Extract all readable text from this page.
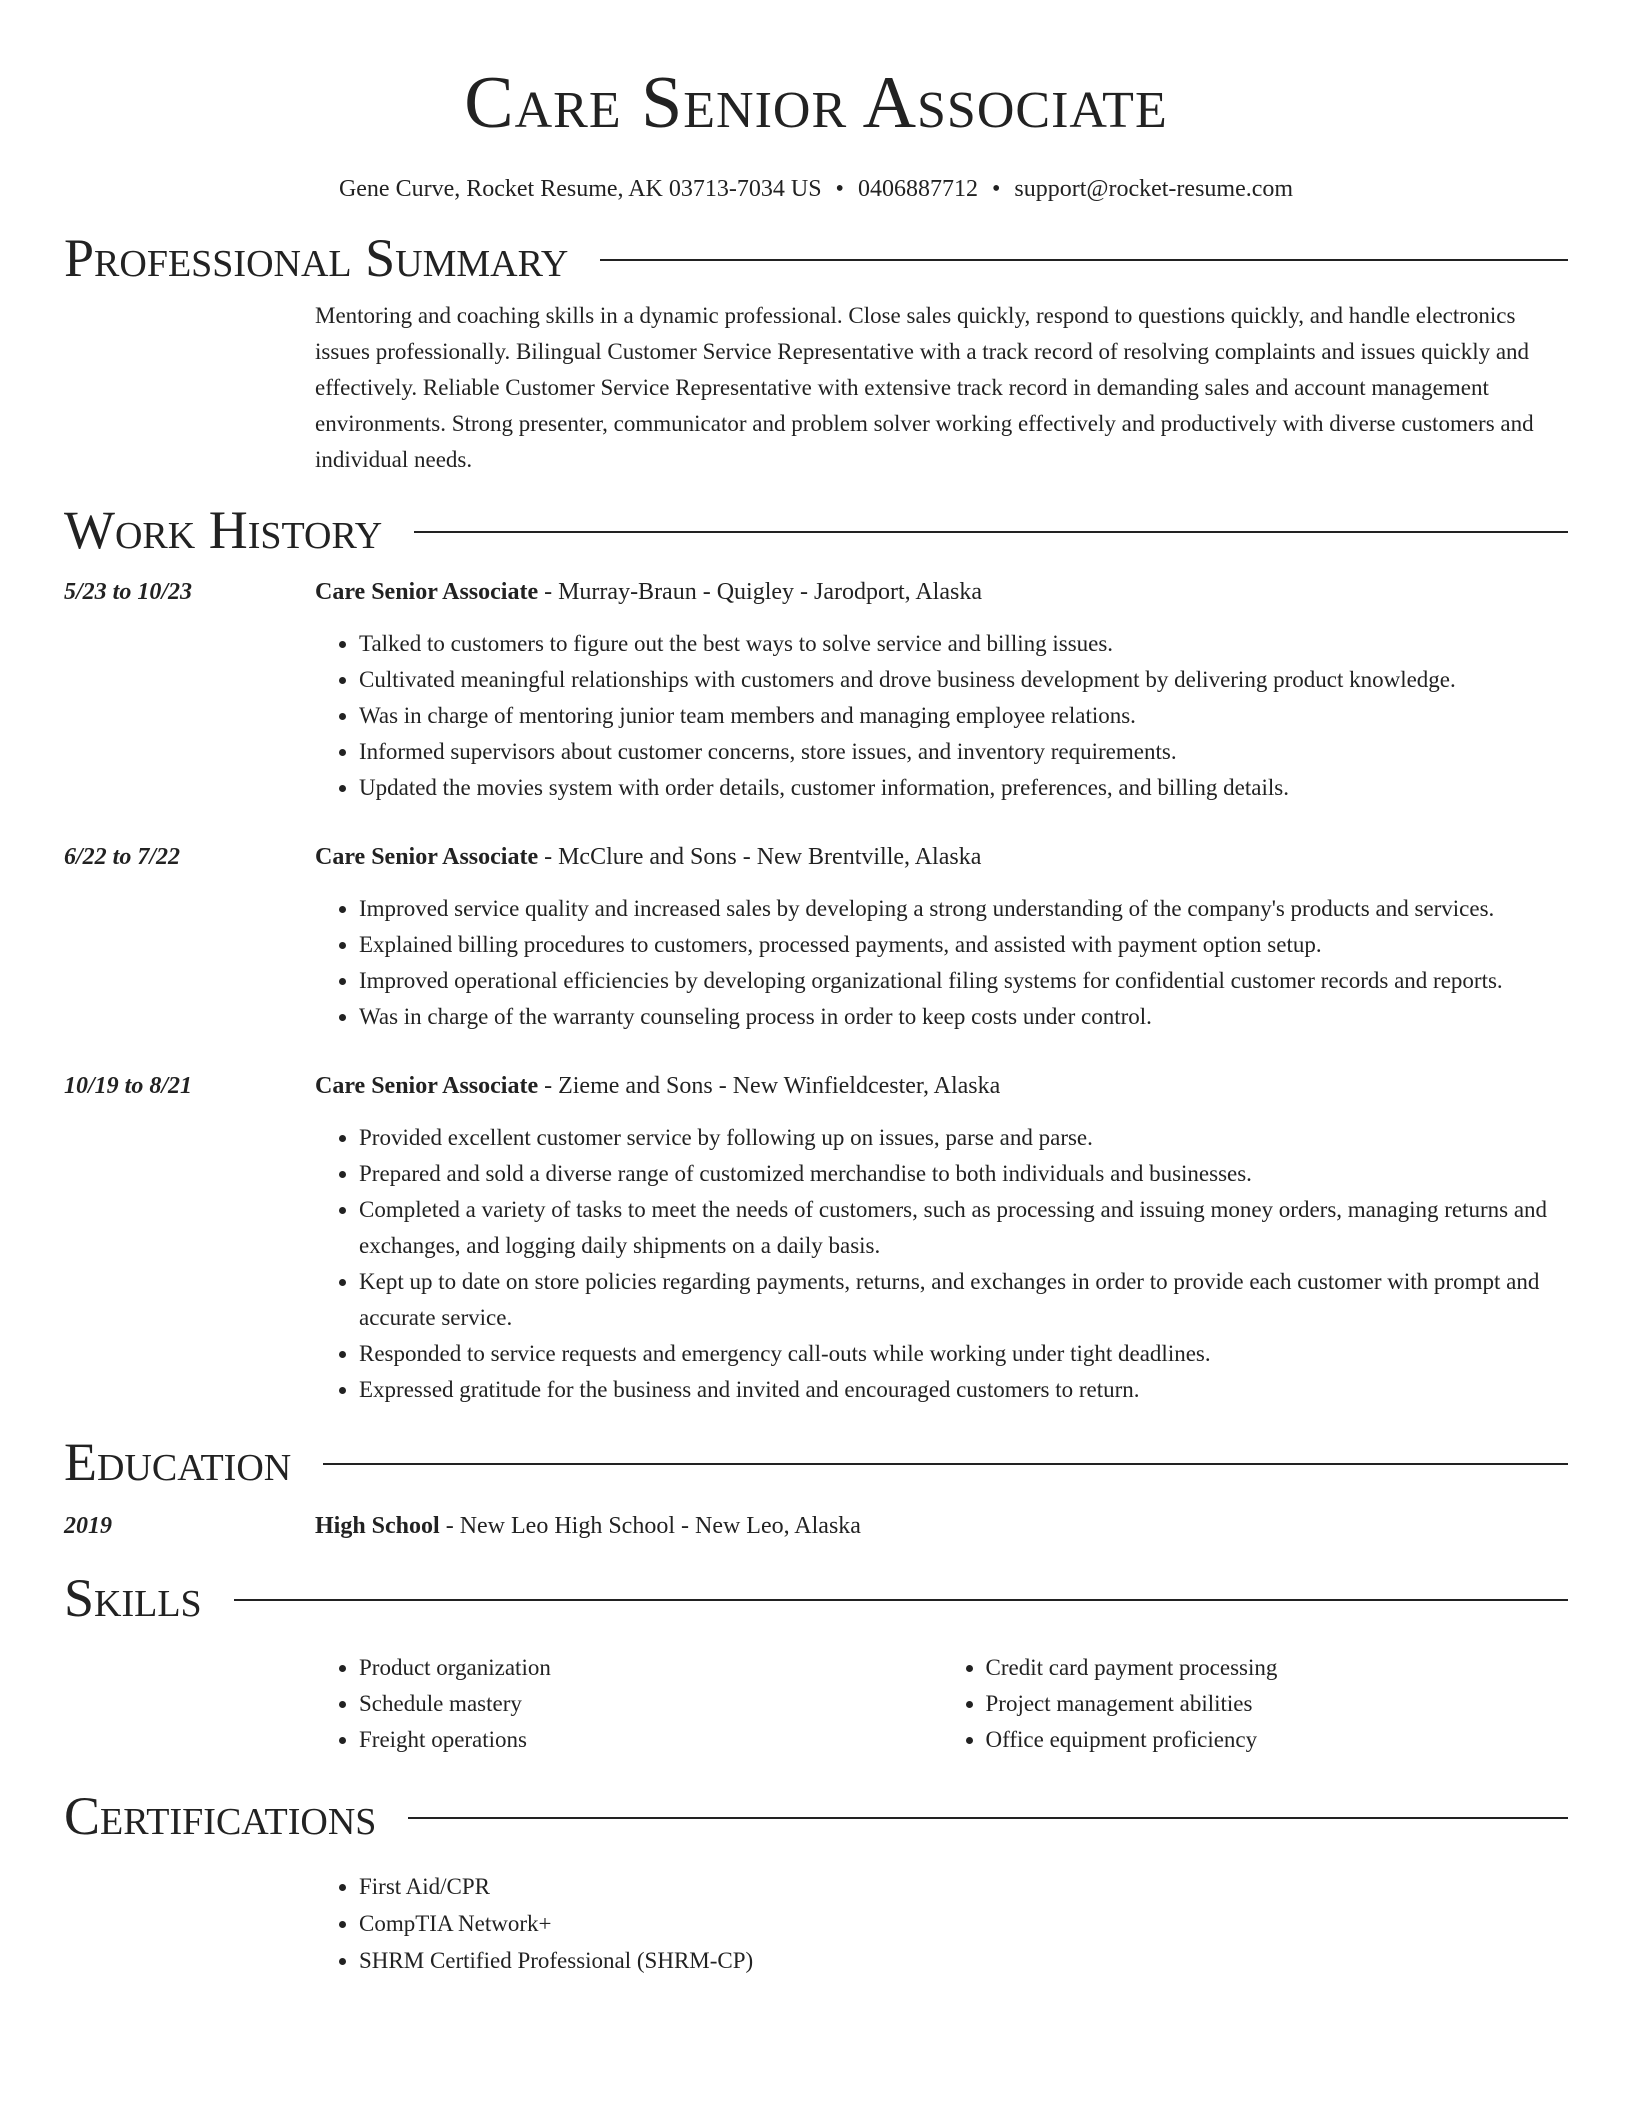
Care Senior Associate
Gene Curve, Rocket Resume, AK 03713-7034 US • 0406887712 • support@rocket-resume.com
Professional Summary
Mentoring and coaching skills in a dynamic professional. Close sales quickly, respond to questions quickly, and handle electronics issues professionally. Bilingual Customer Service Representative with a track record of resolving complaints and issues quickly and effectively. Reliable Customer Service Representative with extensive track record in demanding sales and account management environments. Strong presenter, communicator and problem solver working effectively and productively with diverse customers and individual needs.
Work History
5/23 to 10/23	Care Senior Associate - Murray-Braun - Quigley - Jarodport, Alaska
• Talked to customers to figure out the best ways to solve service and billing issues.
• Cultivated meaningful relationships with customers and drove business development by delivering product knowledge.
• Was in charge of mentoring junior team members and managing employee relations.
• Informed supervisors about customer concerns, store issues, and inventory requirements.
• Updated the movies system with order details, customer information, preferences, and billing details.
6/22 to 7/22	Care Senior Associate - McClure and Sons - New Brentville, Alaska
• Improved service quality and increased sales by developing a strong understanding of the company's products and services.
• Explained billing procedures to customers, processed payments, and assisted with payment option setup.
• Improved operational efficiencies by developing organizational filing systems for confidential customer records and reports.
• Was in charge of the warranty counseling process in order to keep costs under control.
10/19 to 8/21	Care Senior Associate - Zieme and Sons - New Winfieldcester, Alaska
• Provided excellent customer service by following up on issues, parse and parse.
• Prepared and sold a diverse range of customized merchandise to both individuals and businesses.
• Completed a variety of tasks to meet the needs of customers, such as processing and issuing money orders, managing returns and exchanges, and logging daily shipments on a daily basis.
• Kept up to date on store policies regarding payments, returns, and exchanges in order to provide each customer with prompt and accurate service.
• Responded to service requests and emergency call-outs while working under tight deadlines.
• Expressed gratitude for the business and invited and encouraged customers to return.
Education
2019	High School - New Leo High School - New Leo, Alaska
Skills
• Product organization
• Schedule mastery
• Freight operations
• Credit card payment processing
• Project management abilities
• Office equipment proficiency
Certifications
• First Aid/CPR
• CompTIA Network+
• SHRM Certified Professional (SHRM-CP)
